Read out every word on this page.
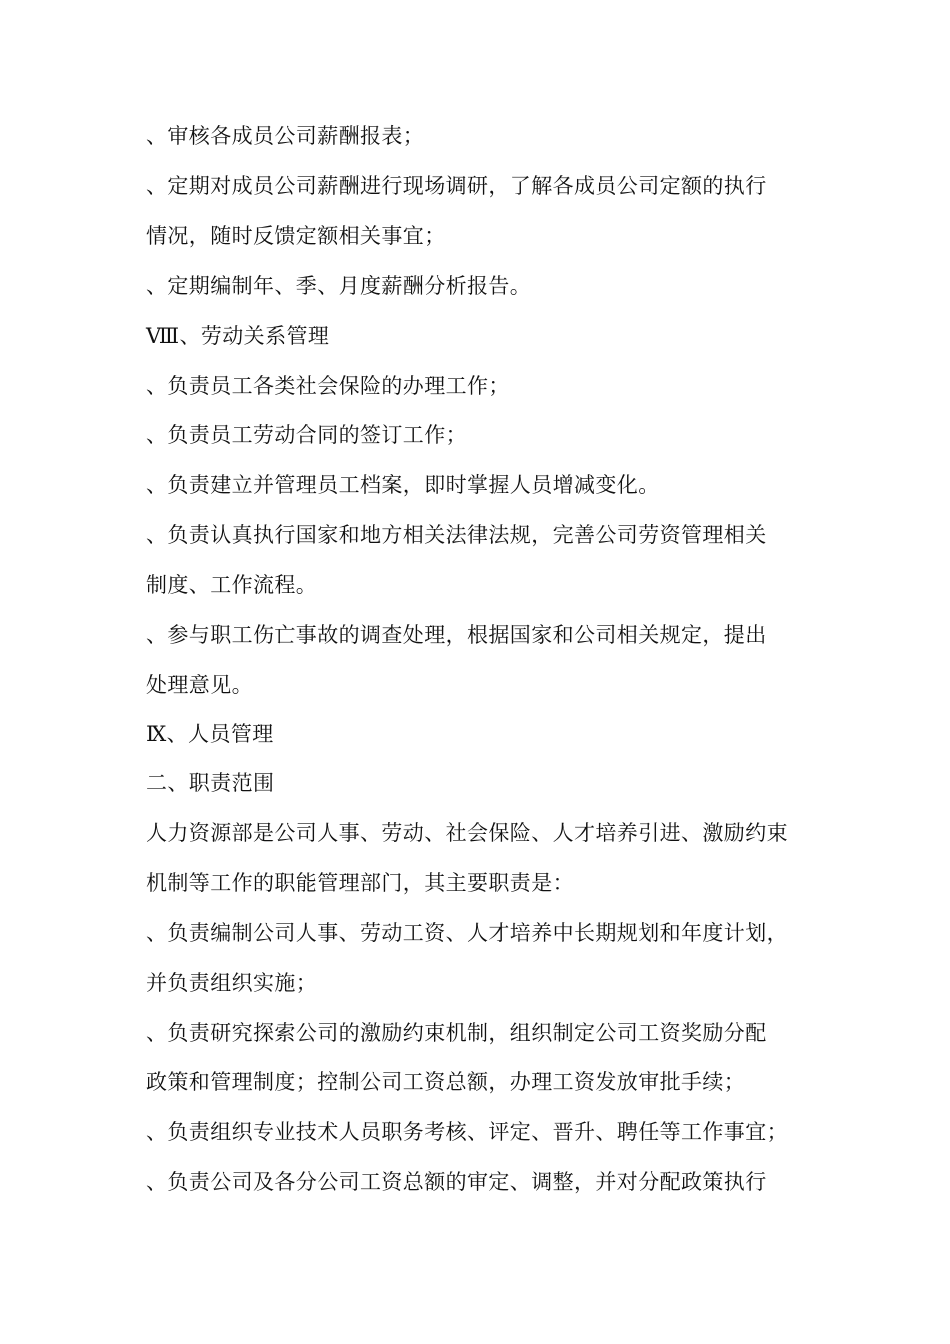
、审核各成员公司薪酬报表；
、定期对成员公司薪酬进行现场调研，了解各成员公司定额的执行
情况，随时反馈定额相关事宜；
、定期编制年、季、月度薪酬分析报告。
Ⅷ、劳动关系管理
、负责员工各类社会保险的办理工作；
、负责员工劳动合同的签订工作；
、负责建立并管理员工档案，即时掌握人员增减变化。
、负责认真执行国家和地方相关法律法规，完善公司劳资管理相关
制度、工作流程。
、参与职工伤亡事故的调查处理，根据国家和公司相关规定，提出
处理意见。
Ⅸ、人员管理
二、职责范围
人力资源部是公司人事、劳动、社会保险、人才培养引进、激励约束
机制等工作的职能管理部门，其主要职责是：
、负责编制公司人事、劳动工资、人才培养中长期规划和年度计划，
并负责组织实施；
、负责研究探索公司的激励约束机制，组织制定公司工资奖励分配
政策和管理制度；控制公司工资总额，办理工资发放审批手续；
、负责组织专业技术人员职务考核、评定、晋升、聘任等工作事宜；
、负责公司及各分公司工资总额的审定、调整，并对分配政策执行
